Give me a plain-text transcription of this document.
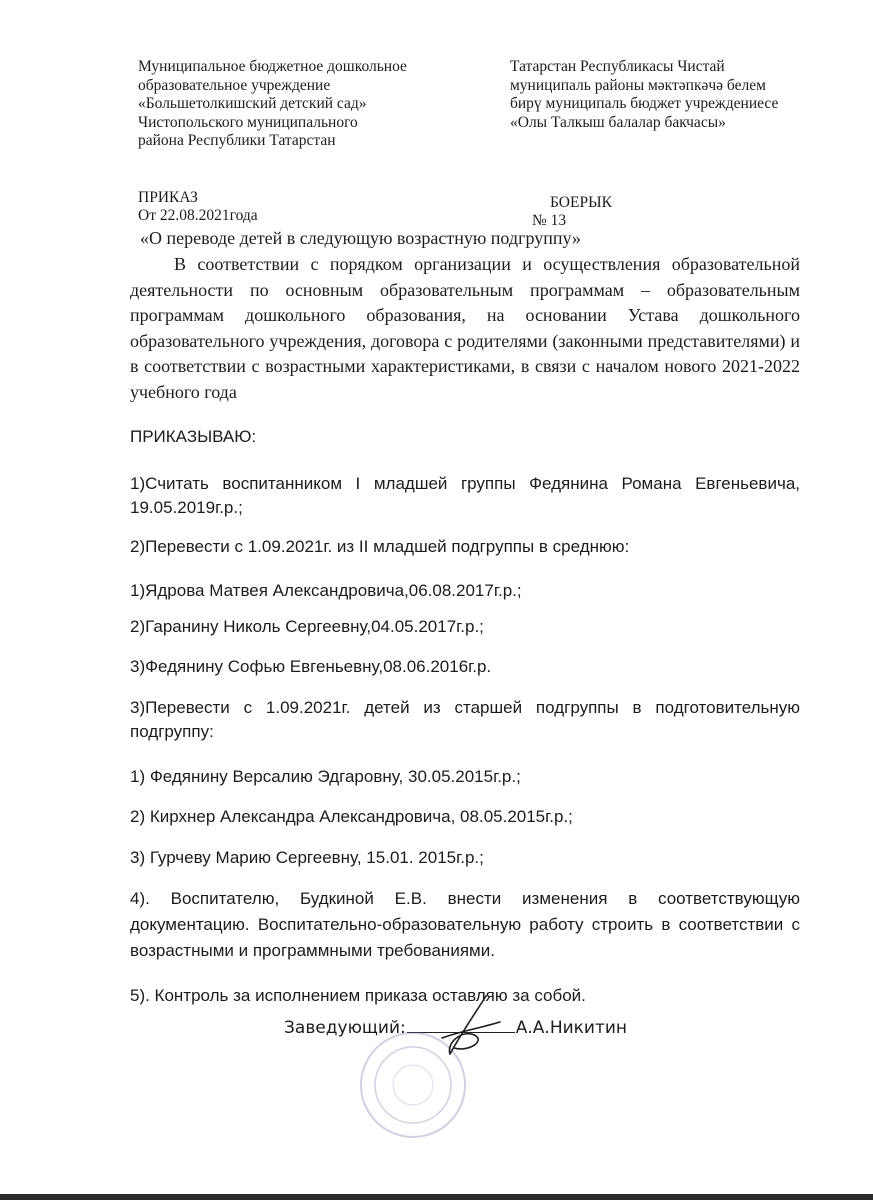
Муниципальное бюджетное дошкольное
образовательное учреждение
«Большетолкишский детский сад»
Чистопольского муниципального
района Республики Татарстан
Татарстан Республикасы Чистай
муниципаль районы мәктәпкәчә белем
бирү муниципаль бюджет учреждениесе
«Олы Талкыш балалар бакчасы»
ПРИКАЗ
От 22.08.2021года
БОЕРЫК
№ 13
«О переводе детей в следующую возрастную подгруппу»
В соответствии с порядком организации и осуществления образовательной деятельности по основным образовательным программам – образовательным программам дошкольного образования, на основании Устава дошкольного образовательного учреждения, договора с родителями (законными представителями) и в соответствии с возрастными характеристиками, в связи с началом нового 2021-2022 учебного года
ПРИКАЗЫВАЮ:
1)Считать воспитанником I младшей группы Федянина Романа Евгеньевича, 19.05.2019г.р.;
2)Перевести с 1.09.2021г. из II младшей подгруппы в среднюю:
1)Ядрова Матвея Александровича,06.08.2017г.р.;
2)Гаранину Николь Сергеевну,04.05.2017г.р.;
3)Федянину Софью Евгеньевну,08.06.2016г.р.
3)Перевести с 1.09.2021г. детей из старшей подгруппы в подготовительную подгруппу:
1) Федянину Версалию Эдгаровну, 30.05.2015г.р.;
2) Кирхнер Александра Александровича, 08.05.2015г.р.;
3) Гурчеву Марию Сергеевну, 15.01. 2015г.р.;
4). Воспитателю, Будкиной Е.В. внести изменения в соответствующую документацию. Воспитательно-образовательную работу строить в соответствии с возрастными и программными требованиями.
5). Контроль за исполнением приказа оставляю за собой.
Заведующий:	А.А.Никитин
